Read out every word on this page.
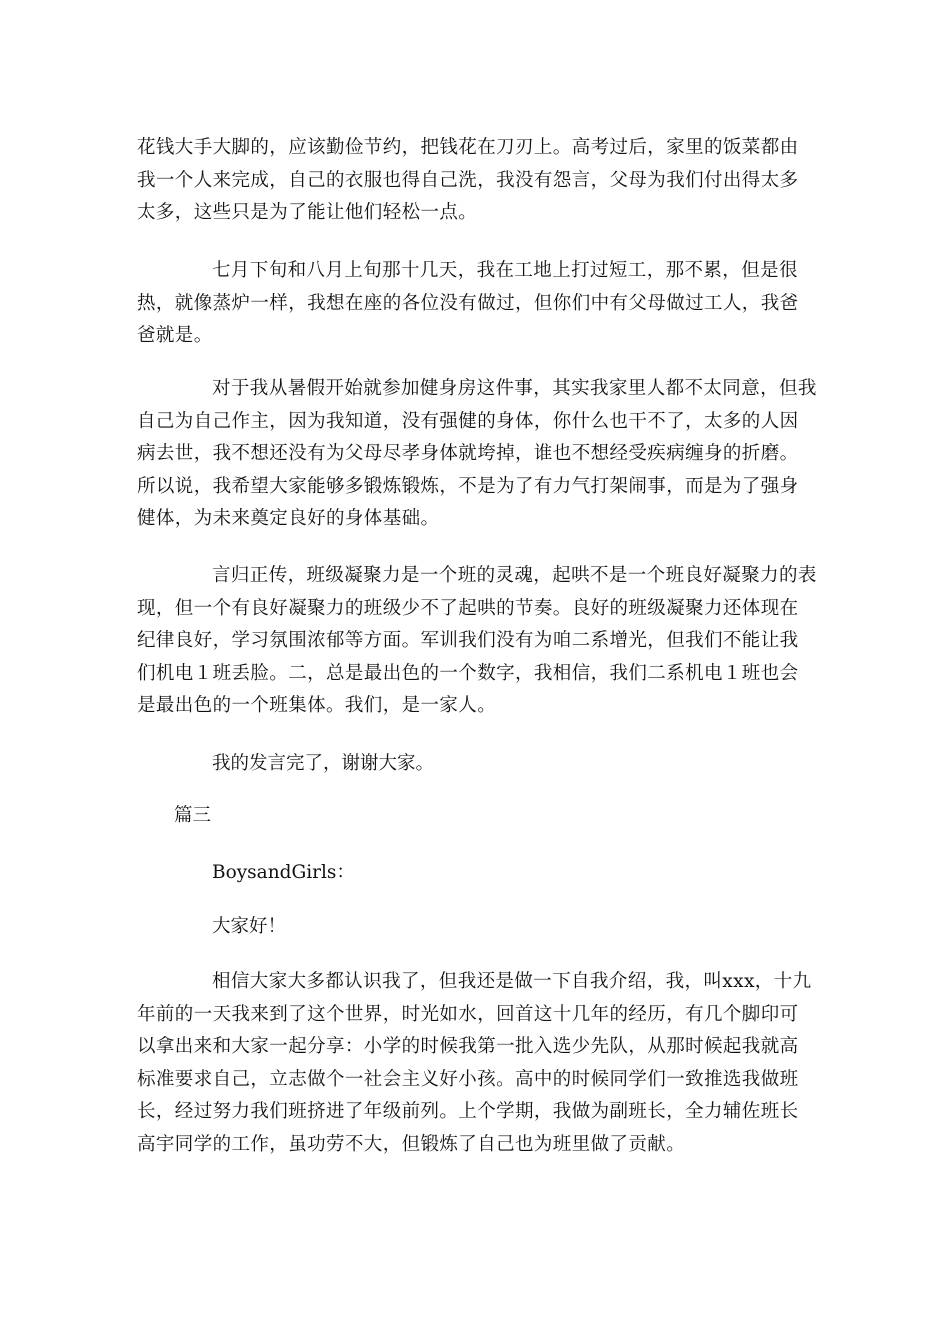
花钱大手大脚的，应该勤俭节约，把钱花在刀刃上。高考过后，家里的饭菜都由我一个人来完成，自己的衣服也得自己洗，我没有怨言，父母为我们付出得太多太多，这些只是为了能让他们轻松一点。

七月下旬和八月上旬那十几天，我在工地上打过短工，那不累，但是很热，就像蒸炉一样，我想在座的各位没有做过，但你们中有父母做过工人，我爸爸就是。

对于我从暑假开始就参加健身房这件事，其实我家里人都不太同意，但我自己为自己作主，因为我知道，没有强健的身体，你什么也干不了，太多的人因病去世，我不想还没有为父母尽孝身体就垮掉，谁也不想经受疾病缠身的折磨。所以说，我希望大家能够多锻炼锻炼，不是为了有力气打架闹事，而是为了强身健体，为未来奠定良好的身体基础。

言归正传，班级凝聚力是一个班的灵魂，起哄不是一个班良好凝聚力的表现，但一个有良好凝聚力的班级少不了起哄的节奏。良好的班级凝聚力还体现在纪律良好，学习氛围浓郁等方面。军训我们没有为咱二系增光，但我们不能让我们机电１班丢脸。二，总是最出色的一个数字，我相信，我们二系机电１班也会是最出色的一个班集体。我们，是一家人。

我的发言完了，谢谢大家。

篇三

BoysandGirls：

大家好！

相信大家大多都认识我了，但我还是做一下自我介绍，我，叫xxx，十九年前的一天我来到了这个世界，时光如水，回首这十几年的经历，有几个脚印可以拿出来和大家一起分享：小学的时候我第一批入选少先队，从那时候起我就高标准要求自己，立志做个一社会主义好小孩。高中的时候同学们一致推选我做班长，经过努力我们班挤进了年级前列。上个学期，我做为副班长，全力辅佐班长高宇同学的工作，虽功劳不大，但锻炼了自己也为班里做了贡献。
